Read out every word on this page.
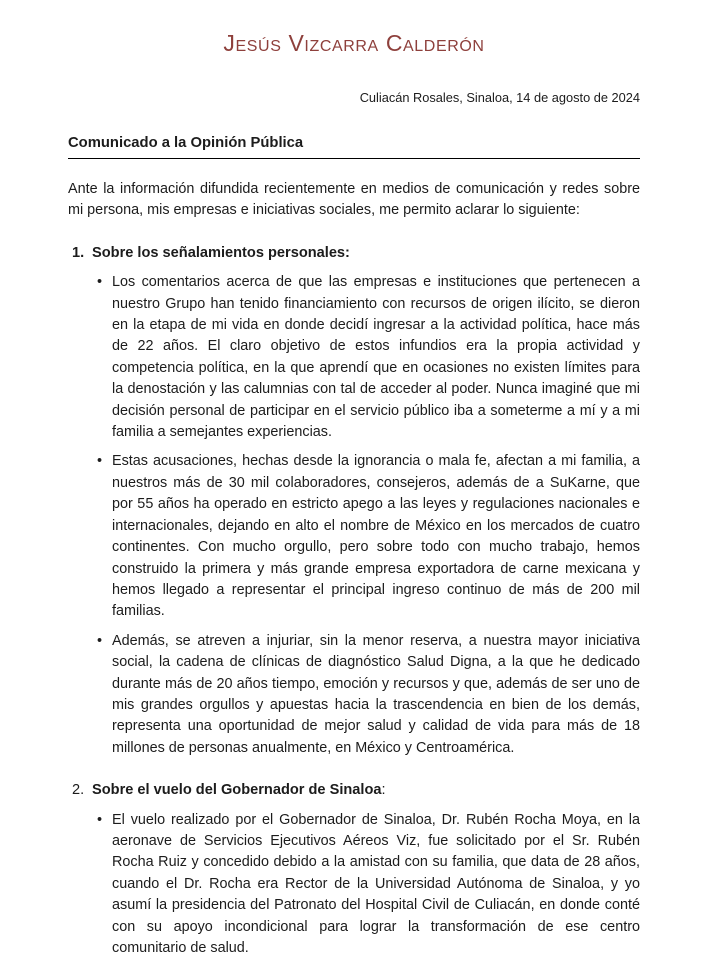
Jesús Vizcarra Calderón
Culiacán Rosales, Sinaloa, 14 de agosto de 2024
Comunicado a la Opinión Pública
Ante la información difundida recientemente en medios de comunicación y redes sobre mi persona, mis empresas e iniciativas sociales, me permito aclarar lo siguiente:
1. Sobre los señalamientos personales:
• Los comentarios acerca de que las empresas e instituciones que pertenecen a nuestro Grupo han tenido financiamiento con recursos de origen ilícito, se dieron en la etapa de mi vida en donde decidí ingresar a la actividad política, hace más de 22 años. El claro objetivo de estos infundios era la propia actividad y competencia política, en la que aprendí que en ocasiones no existen límites para la denostación y las calumnias con tal de acceder al poder. Nunca imaginé que mi decisión personal de participar en el servicio público iba a someterme a mí y a mi familia a semejantes experiencias.
• Estas acusaciones, hechas desde la ignorancia o mala fe, afectan a mi familia, a nuestros más de 30 mil colaboradores, consejeros, además de a SuKarne, que por 55 años ha operado en estricto apego a las leyes y regulaciones nacionales e internacionales, dejando en alto el nombre de México en los mercados de cuatro continentes. Con mucho orgullo, pero sobre todo con mucho trabajo, hemos construido la primera y más grande empresa exportadora de carne mexicana y hemos llegado a representar el principal ingreso continuo de más de 200 mil familias.
• Además, se atreven a injuriar, sin la menor reserva, a nuestra mayor iniciativa social, la cadena de clínicas de diagnóstico Salud Digna, a la que he dedicado durante más de 20 años tiempo, emoción y recursos y que, además de ser uno de mis grandes orgullos y apuestas hacia la trascendencia en bien de los demás, representa una oportunidad de mejor salud y calidad de vida para más de 18 millones de personas anualmente, en México y Centroamérica.
2. Sobre el vuelo del Gobernador de Sinaloa:
• El vuelo realizado por el Gobernador de Sinaloa, Dr. Rubén Rocha Moya, en la aeronave de Servicios Ejecutivos Aéreos Viz, fue solicitado por el Sr. Rubén Rocha Ruiz y concedido debido a la amistad con su familia, que data de 28 años, cuando el Dr. Rocha era Rector de la Universidad Autónoma de Sinaloa, y yo asumí la presidencia del Patronato del Hospital Civil de Culiacán, en donde conté con su apoyo incondicional para lograr la transformación de ese centro comunitario de salud.
